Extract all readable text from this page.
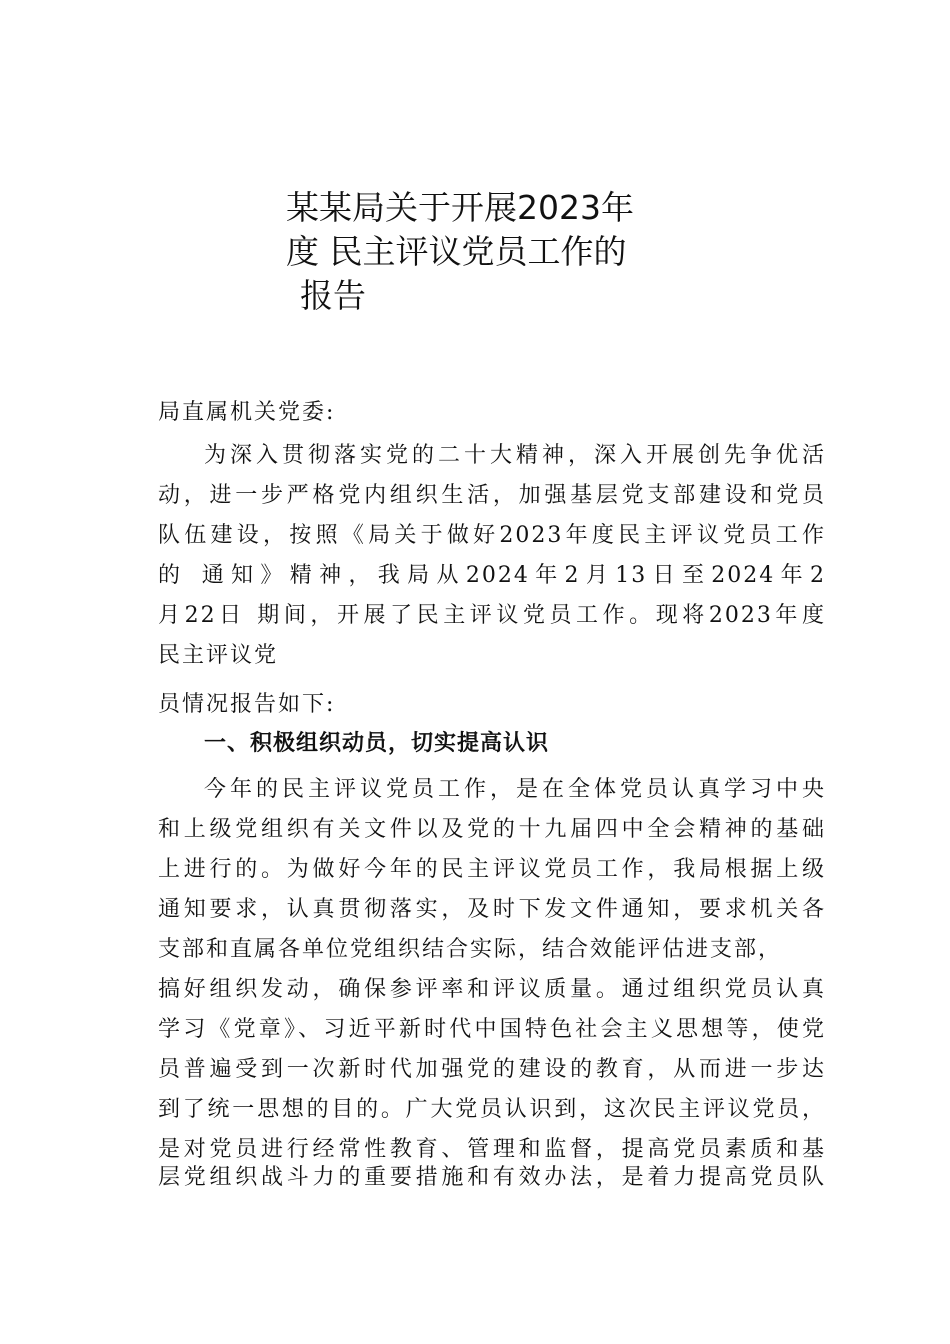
某某局关于开展2023年
度 民主评议党员工作的
报告
局直属机关党委:
为深入贯彻落实党的二十大精神，深入开展创先争优活
动，进一步严格党内组织生活，加强基层党支部建设和党员
队伍建设，按照《局关于做好2023年度民主评议党员工作
的 通知》精神，我局从2024年2月13日至2024年2
月22日 期间，开展了民主评议党员工作。现将2023年度
民主评议党
员情况报告如下:
一、积极组织动员，切实提高认识
今年的民主评议党员工作，是在全体党员认真学习中央
和上级党组织有关文件以及党的十九届四中全会精神的基础
上进行的。为做好今年的民主评议党员工作，我局根据上级
通知要求，认真贯彻落实，及时下发文件通知，要求机关各
支部和直属各单位党组织结合实际，结合效能评估进支部，
搞好组织发动，确保参评率和评议质量。通过组织党员认真
学习《党章》、习近平新时代中国特色社会主义思想等，使党
员普遍受到一次新时代加强党的建设的教育，从而进一步达
到了统一思想的目的。广大党员认识到，这次民主评议党员，
是对党员进行经常性教育、管理和监督，提高党员素质和基
层党组织战斗力的重要措施和有效办法，是着力提高党员队
